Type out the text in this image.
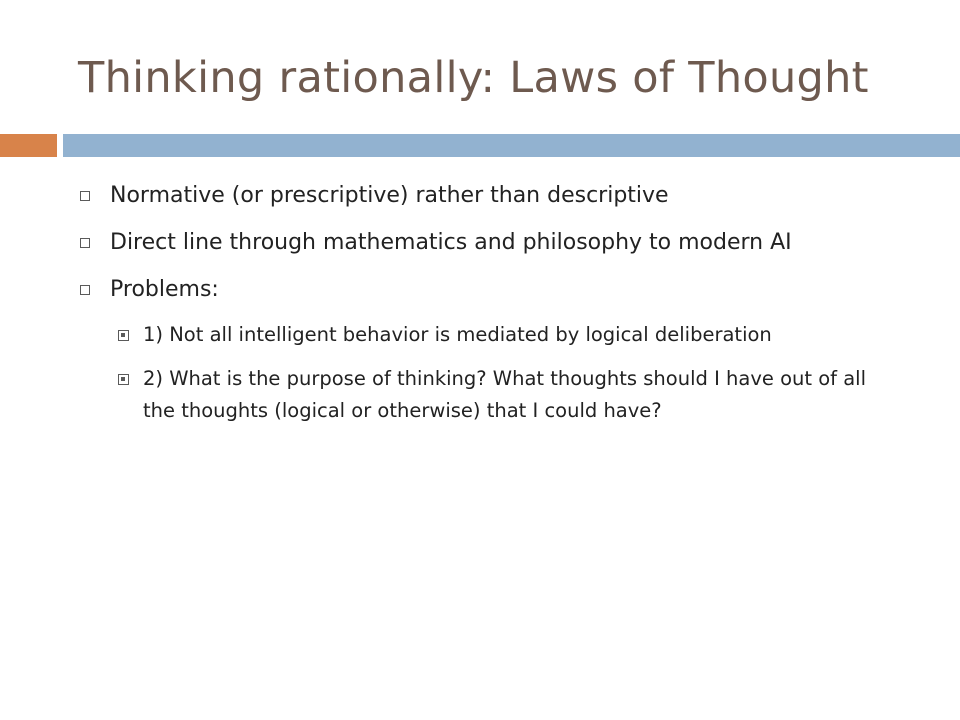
Thinking rationally: Laws of Thought
Normative (or prescriptive) rather than descriptive
Direct line through mathematics and philosophy to modern AI
Problems:
1) Not all intelligent behavior is mediated by logical deliberation
2) What is the purpose of thinking? What thoughts should I have out of all the thoughts (logical or otherwise) that I could have?
